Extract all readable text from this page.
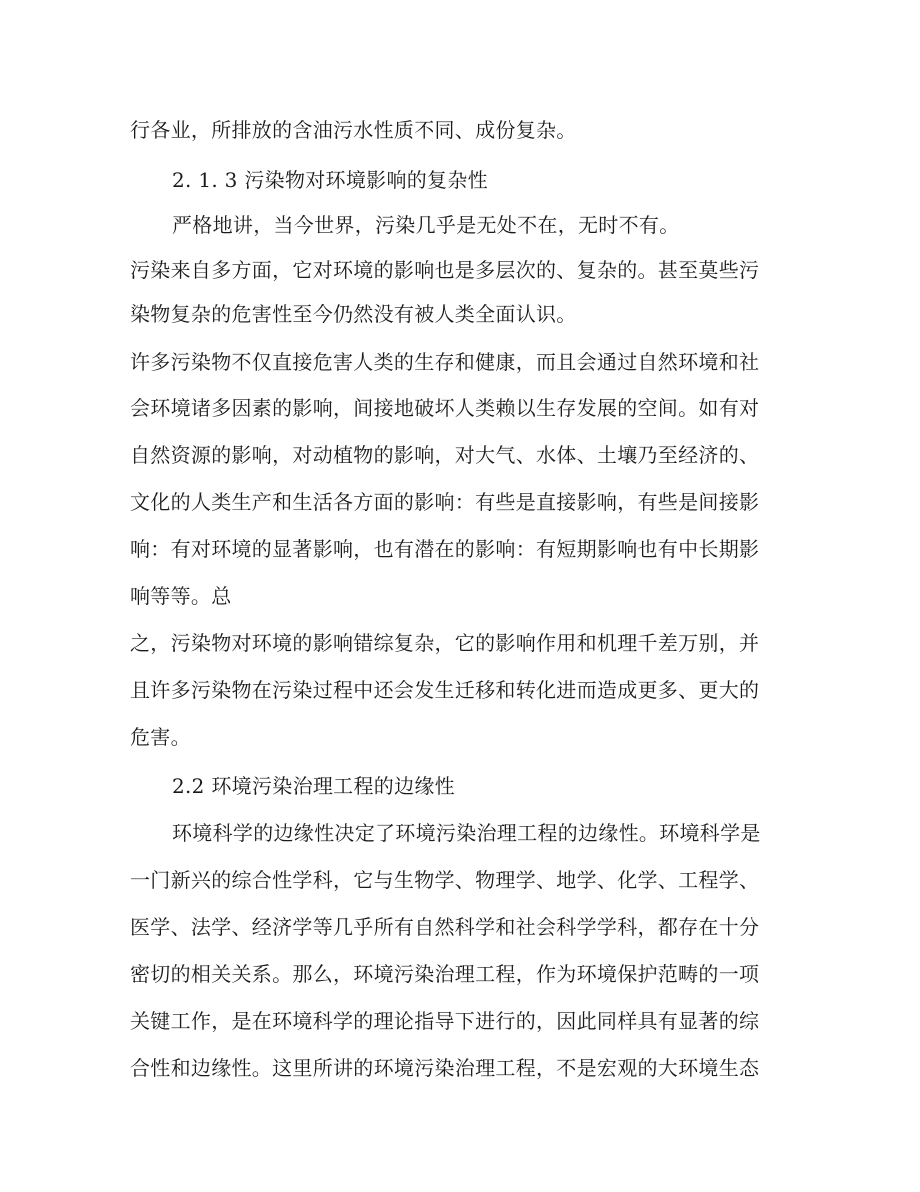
行各业，所排放的含油污水性质不同、成份复杂。
2. 1. 3 污染物对环境影响的复杂性
严格地讲，当今世界，污染几乎是无处不在，无时不有。
污染来自多方面，它对环境的影响也是多层次的、复杂的。甚至莫些污
染物复杂的危害性至今仍然没有被人类全面认识。
许多污染物不仅直接危害人类的生存和健康，而且会通过自然环境和社
会环境诸多因素的影响，间接地破坏人类赖以生存发展的空间。如有对
自然资源的影响，对动植物的影响，对大气、水体、土壤乃至经济的、
文化的人类生产和生活各方面的影响：有些是直接影响，有些是间接影
响：有对环境的显著影响，也有潜在的影响：有短期影响也有中长期影
响等等。总
之，污染物对环境的影响错综复杂，它的影响作用和机理千差万别，并
且许多污染物在污染过程中还会发生迁移和转化进而造成更多、更大的
危害。
2.2 环境污染治理工程的边缘性
环境科学的边缘性决定了环境污染治理工程的边缘性。环境科学是
一门新兴的综合性学科，它与生物学、物理学、地学、化学、工程学、
医学、法学、经济学等几乎所有自然科学和社会科学学科，都存在十分
密切的相关关系。那么，环境污染治理工程，作为环境保护范畴的一项
关键工作，是在环境科学的理论指导下进行的，因此同样具有显著的综
合性和边缘性。这里所讲的环境污染治理工程，不是宏观的大环境生态
